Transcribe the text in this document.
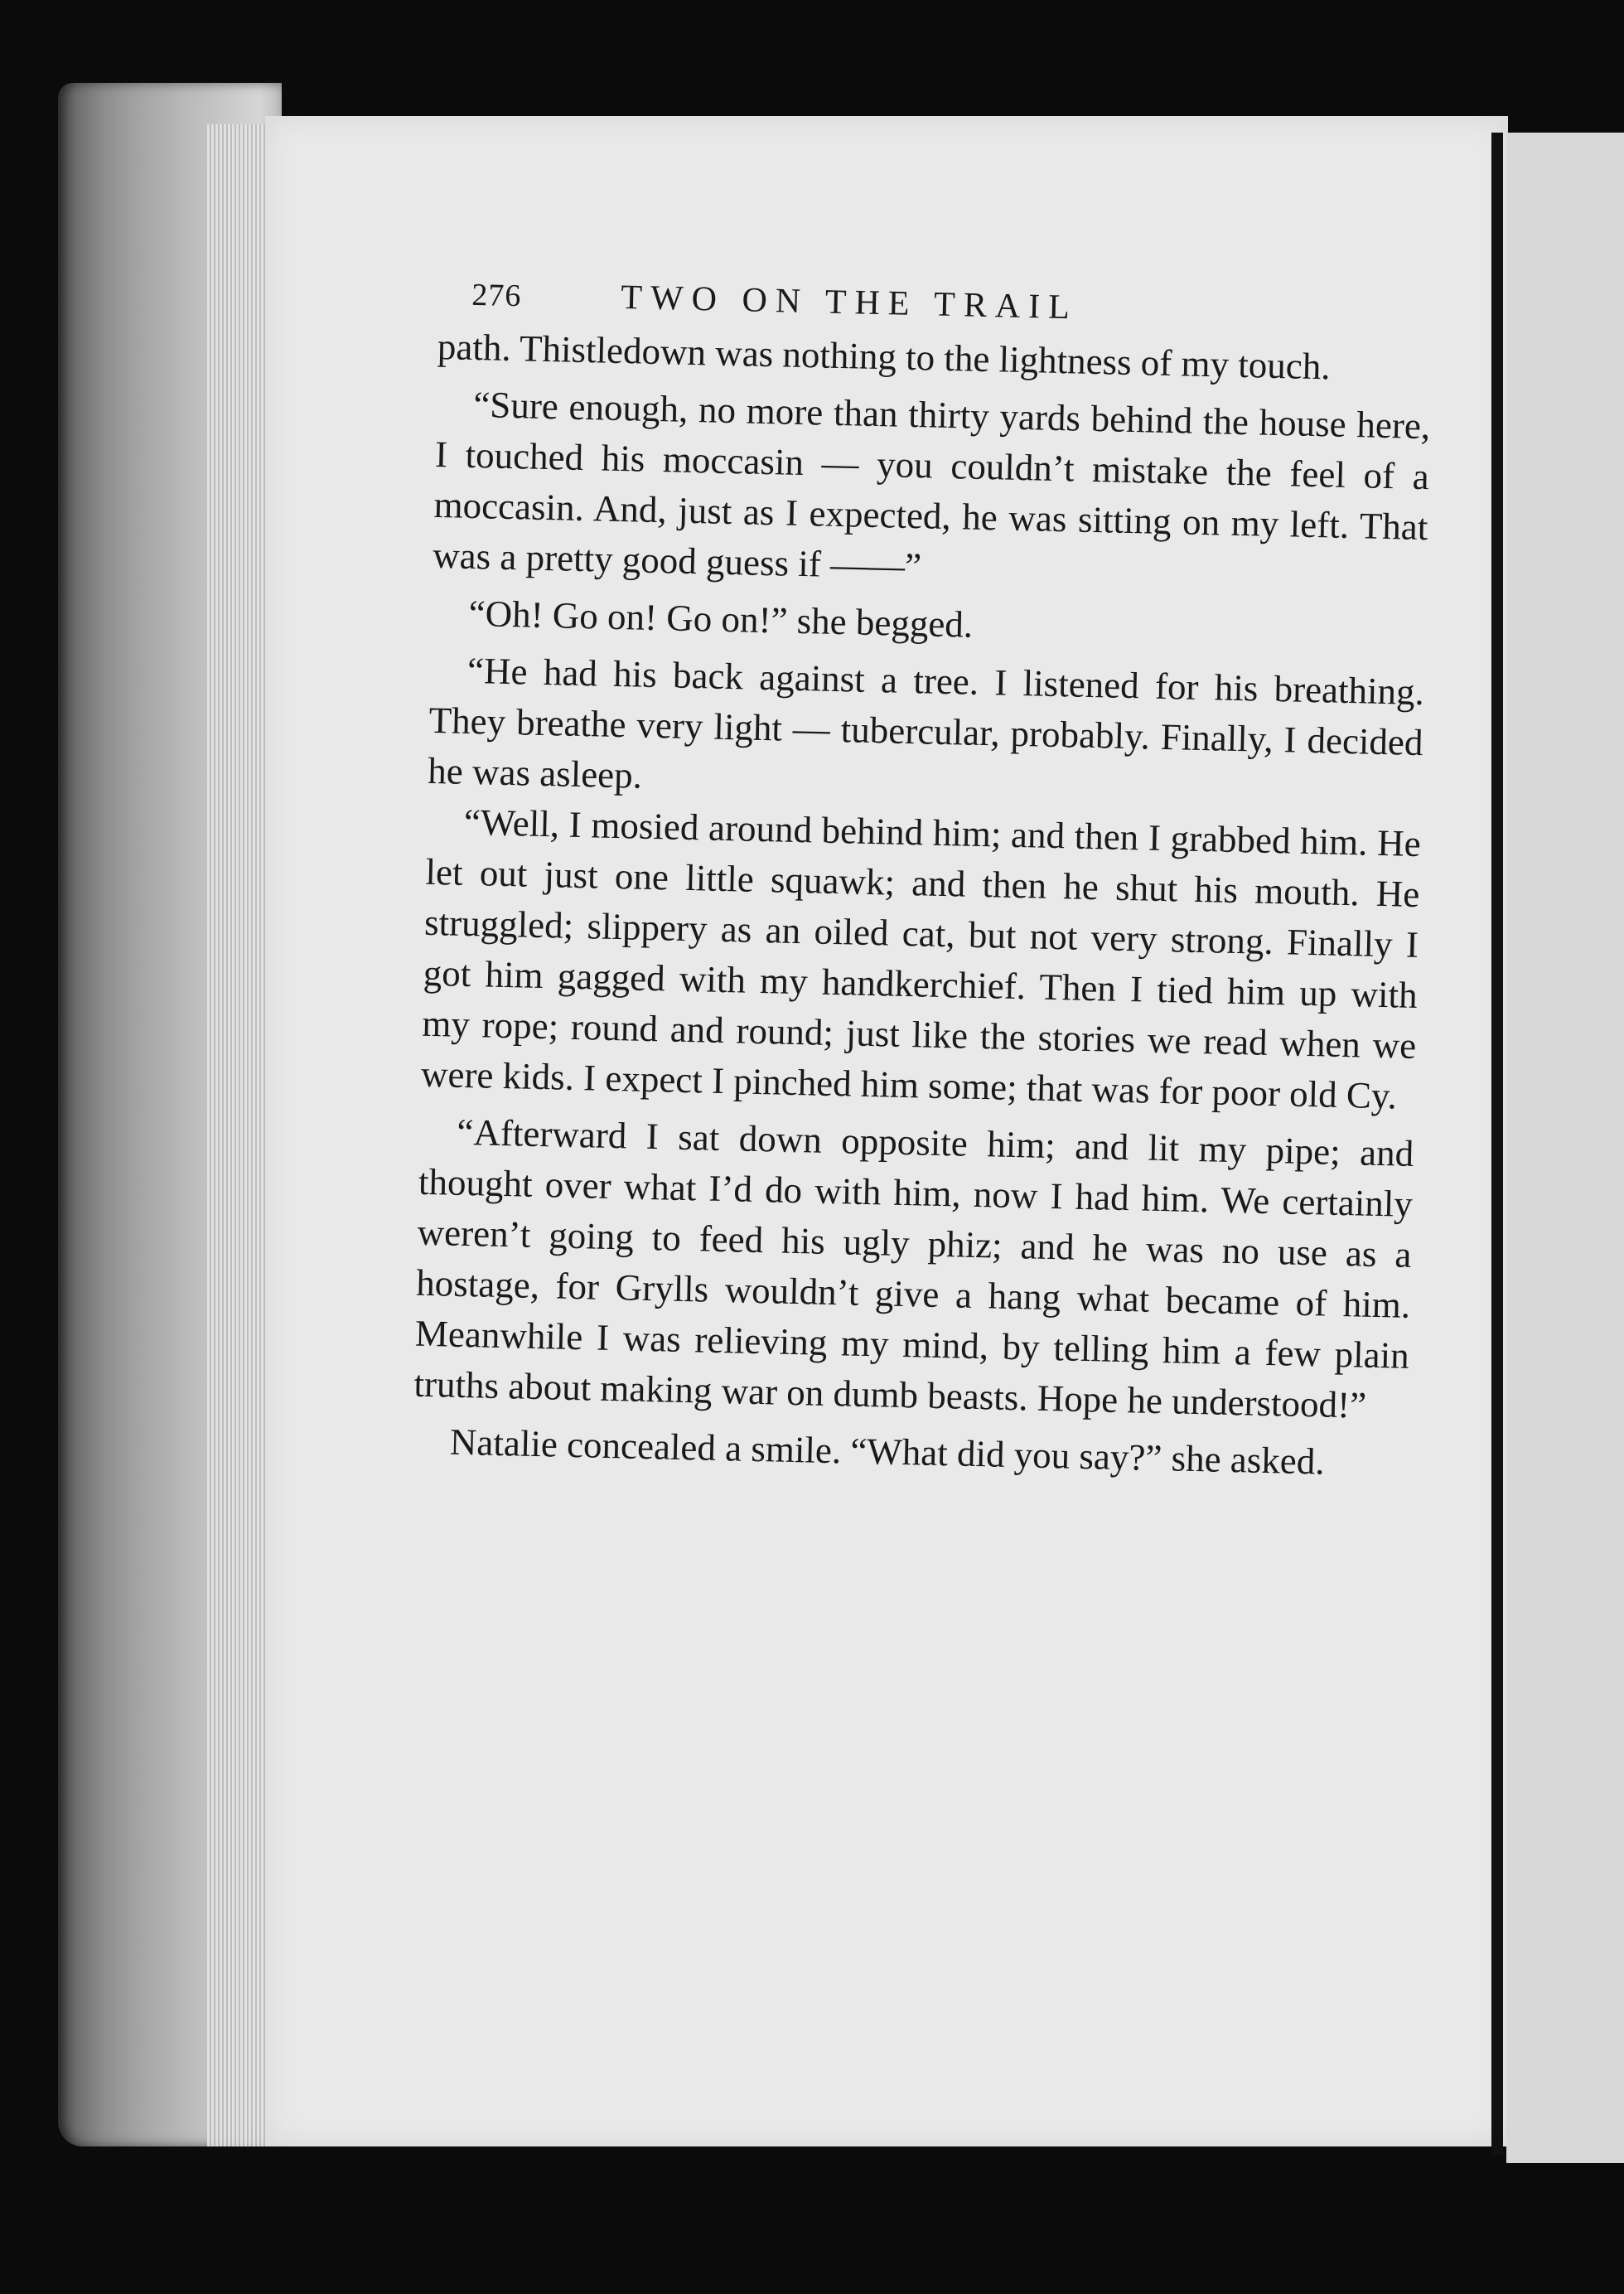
276	TWO ON THE TRAIL

path. Thistledown was nothing to the lightness of my touch.

“Sure enough, no more than thirty yards behind the house here, I touched his moccasin — you couldn’t mistake the feel of a moccasin. And, just as I expected, he was sitting on my left. That was a pretty good guess if ——”

“Oh! Go on! Go on!” she begged.

“He had his back against a tree. I listened for his breathing. They breathe very light — tubercular, probably. Finally, I decided he was asleep.

“Well, I mosied around behind him; and then I grabbed him. He let out just one little squawk; and then he shut his mouth. He struggled; slippery as an oiled cat, but not very strong. Finally I got him gagged with my handkerchief. Then I tied him up with my rope; round and round; just like the stories we read when we were kids. I expect I pinched him some; that was for poor old Cy.

“Afterward I sat down opposite him; and lit my pipe; and thought over what I’d do with him, now I had him. We certainly weren’t going to feed his ugly phiz; and he was no use as a hostage, for Grylls wouldn’t give a hang what became of him. Meanwhile I was relieving my mind, by telling him a few plain truths about making war on dumb beasts. Hope he understood!”

Natalie concealed a smile. “What did you say?” she asked.
